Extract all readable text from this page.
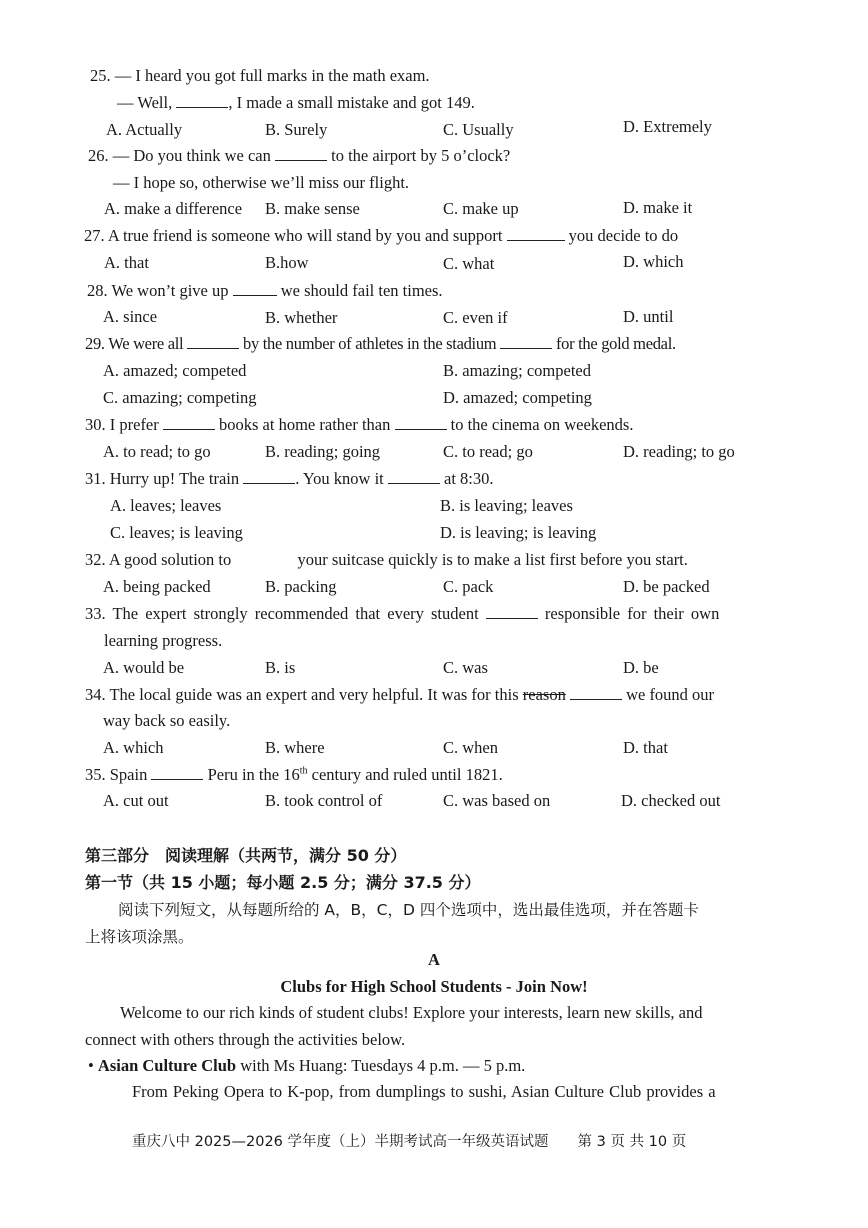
25. — I heard you got full marks in the math exam.
— Well,	, I made a small mistake and got 149.
A. Actually	B. Surely	C. Usually	D. Extremely
26. — Do you think we can	to the airport by 5 o’clock?
— I hope so, otherwise we’ll miss our flight.
A. make a difference B. make sense	C. make up	D. make it
27. A true friend is someone who will stand by you and support	you decide to do
A. that	B.how	C. what	D. which
28. We won’t give up	we should fail ten times.
A. since	B. whether	C. even if	D. until
29. We were all	by the number of athletes in the stadium	for the gold medal.
A. amazed; competed	B. amazing; competed
C. amazing; competing	D. amazed; competing
30. I prefer	books at home rather than	to the cinema on weekends.
A. to read; to go	B. reading; going	C. to read; go	D. reading; to go
31. Hurry up! The train	. You know it	at 8:30.
A. leaves; leaves	B. is leaving; leaves
C. leaves; is leaving	D. is leaving; is leaving
32. A good solution to	your suitcase quickly is to make a list first before you start.
A. being packed	B. packing	C. pack	D. be packed
33. The expert strongly recommended that every student	responsible for their own
learning progress.
A. would be	B. is	C. was	D. be
34. The local guide was an expert and very helpful. It was for this reason	we found our
way back so easily.
A. which	B. where	C. when	D. that
35. Spain	Peru in the 16th century and ruled until 1821.
A. cut out	B. took control of	C. was based on	D. checked out
第三部分　阅读理解（共两节，满分 50 分）
第一节（共 15 小题；每小题 2.5 分；满分 37.5 分）
阅读下列短文，从每题所给的 A，B，C，D 四个选项中，选出最佳选项，并在答题卡
上将该项涂黑。
A
Clubs for High School Students - Join Now!
Welcome to our rich kinds of student clubs! Explore your interests, learn new skills, and
connect with others through the activities below.
• Asian Culture Club with Ms Huang: Tuesdays 4 p.m. — 5 p.m.
From Peking Opera to K-pop, from dumplings to sushi, Asian Culture Club provides a
重庆八中 2025—2026 学年度（上）半期考试高一年级英语试题　　第 3 页 共 10 页
